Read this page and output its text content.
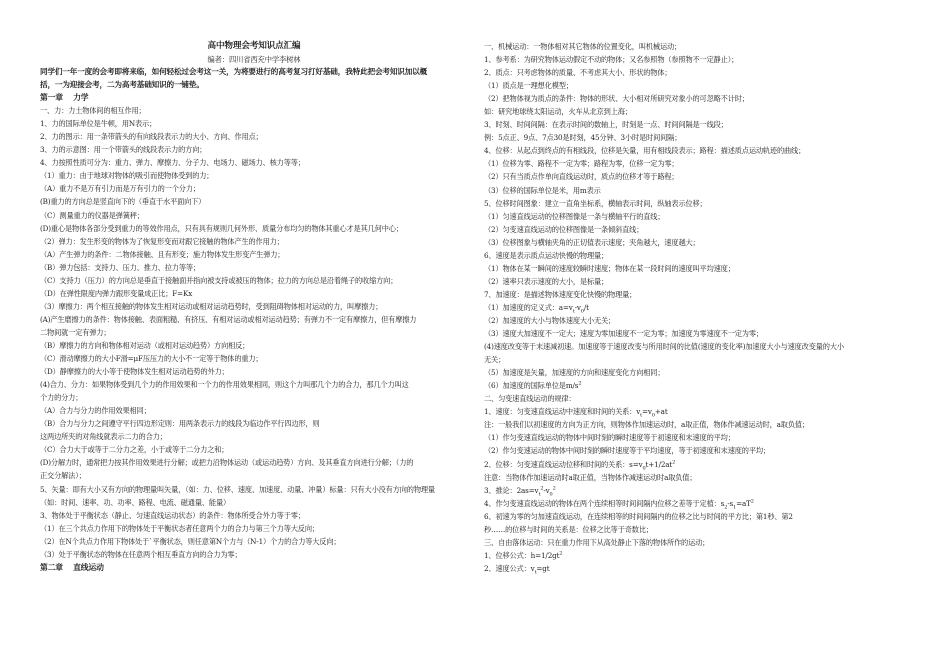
高中物理会考知识点汇编
编者：四川省西充中学李树林
同学们一年一度的会考即将来临，如何轻松过会考这一关，为将要进行的高考复习打好基础，我特此把会考知识加以概
括，一为迎接会考，二为高考基础知识的一铺垫。
第一章　 力学
一、力：力土物体间的相互作用；
1、力的国际单位是牛顿，用N表示；
2、力的图示：用一条带箭头的有向线段表示力的大小、方向、作用点；
3、力的示意图：用一个带箭头的线段表示力的方向；
4、力按照性质可分为：重力、弹力、摩擦力、分子力、电场力、磁场力、核力等等；
（1）重力：由于地球对物体的吸引而使物体受到的力；
（A）重力不是万有引力而是万有引力的一个分力；
(B)重力的方向总是竖直向下的（垂直于水平面向下）
（C）测量重力的仪器是弹簧秤；
(D)重心是物体各部分受到重力的等效作用点，只有具有规则几何外形、质量分布均匀的物体其重心才是其几何中心；
（2）弹力：发生形变的物体为了恢复形变而对跟它接触的物体产生的作用力；
（A）产生弹力的条件：二物体接触、且有形变；施力物体发生形变产生弹力；
（B）弹力包括：支持力、压力、推力、拉力等等；
（C）支持力（压力）的方向总是垂直于接触面并指向被支持或被压的物体；拉力的方向总是沿着绳子的收缩方向；
（D）在弹性限度内弹力跟形变量成正比；F=Kx
（3）摩擦力：两个相互接触的物体发生相对运动或相对运动趋势时，受到阻碍物体相对运动的力，叫摩擦力；
(A)产生磨擦力的条件：物体接触、表面粗糙、有挤压、有相对运动或相对运动趋势；有弹力不一定有摩擦力，但有摩擦力
二物间就一定有弹力；
（B）摩擦力的方向和物体相对运动（或相对运动趋势）方向相反；
（C）滑动摩擦力的大小F滑=μF压压力的大小不一定等于物体的重力；
（D）静摩擦力的大小等于使物体发生相对运动趋势的外力；
(4)合力、分力：如果物体受到几个力的作用效果和一个力的作用效果相同，则这个力叫那几个力的合力，那几个力叫这
个力的分力；
（A）合力与分力的作用效果相同；
（B）合力与分力之间遵守平行四边形定则：用两条表示力的线段为临边作平行四边形，则
这两边所夹的对角线就表示二力的合力；
（C）合力大于或等于二分力之差，小于或等于二分力之和；
(D)分解力时，通常把力按其作用效果进行分解；或把力沿物体运动（或运动趋势）方向、及其垂直方向进行分解；（力的
正交分解法）；
5、矢量：即有大小又有方向的物理量叫矢量，（如：力、位移、速度、加速度、动量、冲量）标量：只有大小没有方向的物理量
（如：时间、速率、功、功率、路程、电流、磁通量、能量）
3、物体处于平衡状态（静止、匀速直线运动状态）的条件：物体所受合外力等于零；
（1）在三个共点力作用下的物体处于平衡状态者任意两个力的合力与第三个力等大反向；
（2）在N个共点力作用下物体处于`平衡状态，则任意第N个力与（N-1）个力的合力等大反向；
（3）处于平衡状态的物体在任意两个相互垂直方向的合力为零；
第二章　 直线运动
一、机械运动：一物体相对其它物体的位置变化，叫机械运动；
1、参考系：为研究物体运动假定不动的物体；又名参照物（参照物不一定静止）；
2、质点：只考虑物体的质量、不考虑其大小、形状的物体；
（1）质点是一理想化模型；
（2）把物体视为质点的条件：物体的形状、大小相对所研究对象小的可忽略不计时；
如：研究地球绕太阳运动，火车从北京到上海；
3、时刻、时间间隔：在表示时间的数轴上，时刻是一点、时间间隔是一线段；
例：5点正、9点、7点30是时刻，45分钟、3小时是时间间隔；
4、位移：从起点到终点的有相线段，位移是矢量，用有相线段表示；路程：描述质点运动轨迹的曲线；
（1）位移为零、路程不一定为零；路程为零，位移一定为零；
（2）只有当质点作单向直线运动时，质点的位移才等于路程；
（3）位移的国际单位是米，用m表示
5、位移时间图象：建立一直角坐标系，横轴表示时间，纵轴表示位移；
（1）匀速直线运动的位移图像是一条与横轴平行的直线；
（2）匀变速直线运动的位移图像是一条倾斜直线；
（3）位移图象与横轴夹角的正切值表示速度；夹角越大，速度越大；
6、速度是表示质点运动快慢的物理量；
（1）物体在某一瞬间的速度较瞬时速度；物体在某一段时间的速度叫平均速度；
（2）速率只表示速度的大小，是标量；
7、加速度：是描述物体速度变化快慢的物理量；
（1）加速度的定义式：$a=v_t-v_0/t$
（2）加速度的大小与物体速度大小无关；
（3）速度大加速度不一定大；速度为零加速度不一定为零；加速度为零速度不一定为零；
(4)速度改变等于末速减初速。加速度等于速度改变与所用时间的比值(速度的变化率)加速度大小与速度改变量的大小
无关；
（5）加速度是矢量，加速度的方向和速度变化方向相同；
（6）加速度的国际单位是$m/s^2$
二、匀变速直线运动的规律：
1、速度：匀变速直线运动中速度和时间的关系：$v_t=v_0+at$
注：一般我们以初速度的方向为正方向，则物体作加速运动时，a取正值，物体作减速运动时，a取负值；
（1）作匀变速直线运动的物体中间时刻的瞬时速度等于初速度和末速度的平均；
（2）作匀变速运动的物体中间时刻的瞬时速度等于平均速度，等于初速度和末速度的平均；
2、位移：匀变速直线运动位移和时间的关系：$s=v_0t+1/2at^2$
注意：当物体作加速运动时a取正值，当物体作减速运动时a取负值；
3、推论：$2as=v_t^2-v_0^2$
4、作匀变速直线运动的物体在两个连续相等时间间隔内位移之差等于定植：$s_2-s_1=aT^2$
6、初速为零的匀加速直线运动，在连续相等的时间间隔内的位移之比与时间的平方比；第1秒、第2
秒……的位移与时间的关系是：位移之比等于奇数比；
三、自由落体运动：只在重力作用下从高处静止下落的物体所作的运动；
1、位移公式：$h=1/2gt^2$
2、速度公式：$v_t=gt$
